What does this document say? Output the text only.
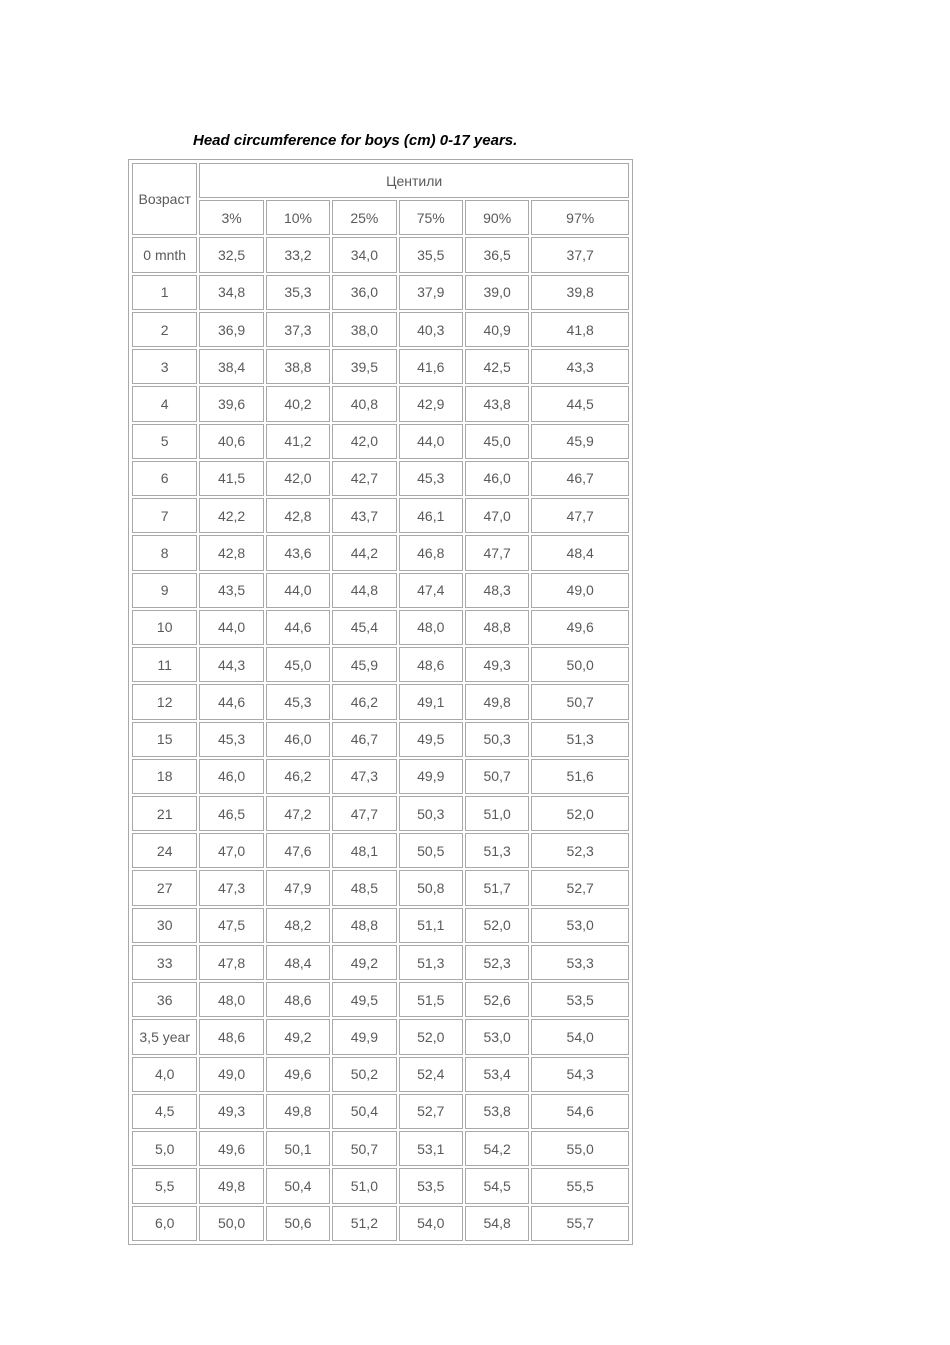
Head circumference for boys (cm) 0-17 years.
Возраст	Центили					
	3%	10%	25%	75%	90%	97%
0 mnth	32,5	33,2	34,0	35,5	36,5	37,7
1	34,8	35,3	36,0	37,9	39,0	39,8
2	36,9	37,3	38,0	40,3	40,9	41,8
3	38,4	38,8	39,5	41,6	42,5	43,3
4	39,6	40,2	40,8	42,9	43,8	44,5
5	40,6	41,2	42,0	44,0	45,0	45,9
6	41,5	42,0	42,7	45,3	46,0	46,7
7	42,2	42,8	43,7	46,1	47,0	47,7
8	42,8	43,6	44,2	46,8	47,7	48,4
9	43,5	44,0	44,8	47,4	48,3	49,0
10	44,0	44,6	45,4	48,0	48,8	49,6
11	44,3	45,0	45,9	48,6	49,3	50,0
12	44,6	45,3	46,2	49,1	49,8	50,7
15	45,3	46,0	46,7	49,5	50,3	51,3
18	46,0	46,2	47,3	49,9	50,7	51,6
21	46,5	47,2	47,7	50,3	51,0	52,0
24	47,0	47,6	48,1	50,5	51,3	52,3
27	47,3	47,9	48,5	50,8	51,7	52,7
30	47,5	48,2	48,8	51,1	52,0	53,0
33	47,8	48,4	49,2	51,3	52,3	53,3
36	48,0	48,6	49,5	51,5	52,6	53,5
3,5 year	48,6	49,2	49,9	52,0	53,0	54,0
4,0	49,0	49,6	50,2	52,4	53,4	54,3
4,5	49,3	49,8	50,4	52,7	53,8	54,6
5,0	49,6	50,1	50,7	53,1	54,2	55,0
5,5	49,8	50,4	51,0	53,5	54,5	55,5
6,0	50,0	50,6	51,2	54,0	54,8	55,7
